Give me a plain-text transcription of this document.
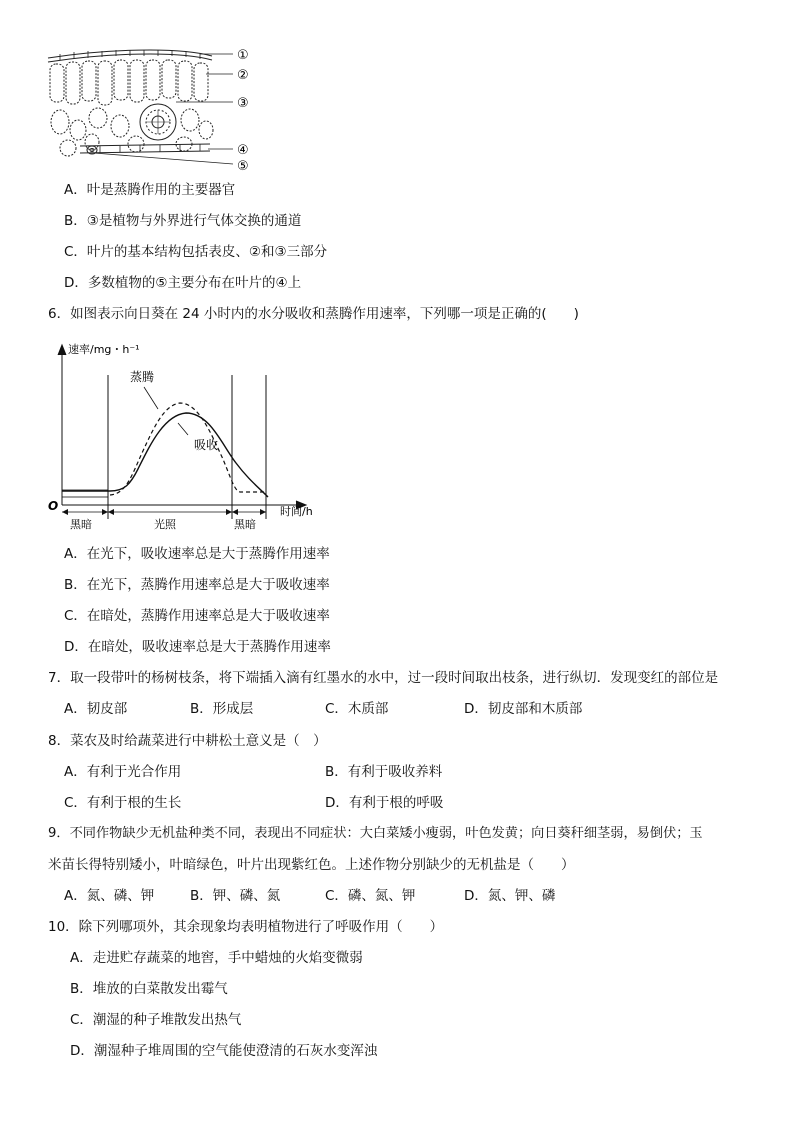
①
②
③
④
⑤
A．叶是蒸腾作用的主要器官
B．③是植物与外界进行气体交换的通道
C．叶片的基本结构包括表皮、②和③三部分
D．多数植物的⑤主要分布在叶片的④上
6．如图表示向日葵在 24 小时内的水分吸收和蒸腾作用速率，下列哪一项是正确的(　　)
速率/mg・h⁻¹
蒸腾
吸收
O	时间/h
黑暗	光照	黑暗
A．在光下，吸收速率总是大于蒸腾作用速率
B．在光下，蒸腾作用速率总是大于吸收速率
C．在暗处，蒸腾作用速率总是大于吸收速率
D．在暗处，吸收速率总是大于蒸腾作用速率
7．取一段带叶的杨树枝条，将下端插入滴有红墨水的水中，过一段时间取出枝条，进行纵切．发现变红的部位是
A．韧皮部	B．形成层	C．木质部	D．韧皮部和木质部
8．菜农及时给蔬菜进行中耕松土意义是（　）
A．有利于光合作用	B．有利于吸收养料
C．有利于根的生长	D．有利于根的呼吸
9．不同作物缺少无机盐种类不同，表现出不同症状：大白菜矮小瘦弱，叶色发黄；向日葵秆细茎弱，易倒伏；玉
米苗长得特别矮小，叶暗绿色，叶片出现紫红色。上述作物分别缺少的无机盐是（　　）
A．氮、磷、钾	B．钾、磷、氮	C．磷、氮、钾	D．氮、钾、磷
10．除下列哪项外，其余现象均表明植物进行了呼吸作用（　　）
A．走进贮存蔬菜的地窖，手中蜡烛的火焰变微弱
B．堆放的白菜散发出霉气
C．潮湿的种子堆散发出热气
D．潮湿种子堆周围的空气能使澄清的石灰水变浑浊
